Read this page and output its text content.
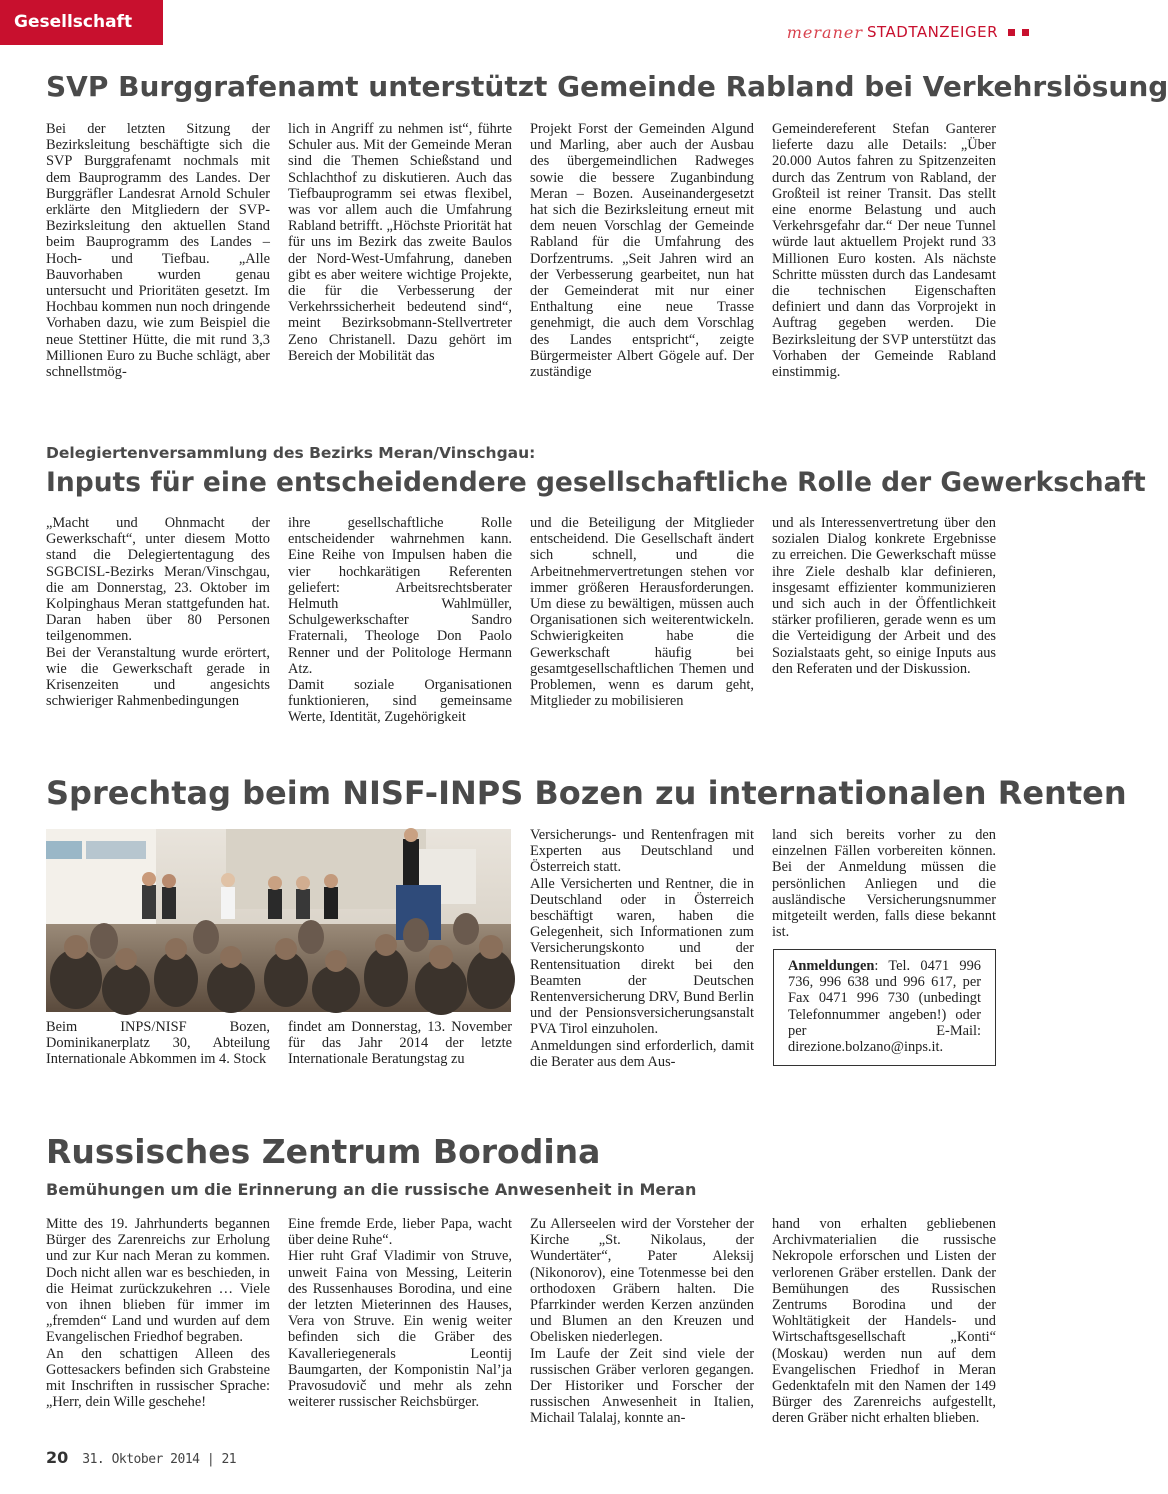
Gesellschaft	meraner STADTANZEIGER
SVP Burggrafenamt unterstützt Gemeinde Rabland bei Verkehrslösung

Bei der letzten Sitzung der Bezirksleitung beschäftigte sich die SVP Burggrafenamt nochmals mit dem Bauprogramm des Landes. Der Burggräfler Landesrat Arnold Schuler erklärte den Mitgliedern der SVP-Bezirksleitung den aktuellen Stand beim Bauprogramm des Landes – Hoch- und Tiefbau. „Alle Bauvorhaben wurden genau untersucht und Prioritäten gesetzt. Im Hochbau kommen nun noch dringende Vorhaben dazu, wie zum Beispiel die neue Stettiner Hütte, die mit rund 3,3 Millionen Euro zu Buche schlägt, aber schnellstmög-

lich in Angriff zu nehmen ist“, führte Schuler aus. Mit der Gemeinde Meran sind die Themen Schießstand und Schlachthof zu diskutieren. Auch das Tiefbauprogramm sei etwas flexibel, was vor allem auch die Umfahrung Rabland betrifft. „Höchste Priorität hat für uns im Bezirk das zweite Baulos der Nord-West-Umfahrung, daneben gibt es aber weitere wichtige Projekte, die für die Verbesserung der Verkehrssicherheit bedeutend sind“, meint Bezirksobmann-Stellvertreter Zeno Christanell. Dazu gehört im Bereich der Mobilität das

Projekt Forst der Gemeinden Algund und Marling, aber auch der Ausbau des übergemeindlichen Radweges sowie die bessere Zuganbindung Meran – Bozen. Auseinandergesetzt hat sich die Bezirksleitung erneut mit dem neuen Vorschlag der Gemeinde Rabland für die Umfahrung des Dorfzentrums. „Seit Jahren wird an der Verbesserung gearbeitet, nun hat der Gemeinderat mit nur einer Enthaltung eine neue Trasse genehmigt, die auch dem Vorschlag des Landes entspricht“, zeigte Bürgermeister Albert Gögele auf. Der zuständige

Gemeindereferent Stefan Ganterer lieferte dazu alle Details: „Über 20.000 Autos fahren zu Spitzenzeiten durch das Zentrum von Rabland, der Großteil ist reiner Transit. Das stellt eine enorme Belastung und auch Verkehrsgefahr dar.“ Der neue Tunnel würde laut aktuellem Projekt rund 33 Millionen Euro kosten. Als nächste Schritte müssten durch das Landesamt die technischen Eigenschaften definiert und dann das Vorprojekt in Auftrag gegeben werden. Die Bezirksleitung der SVP unterstützt das Vorhaben der Gemeinde Rabland einstimmig.

Delegiertenversammlung des Bezirks Meran/Vinschgau:
Inputs für eine entscheidendere gesellschaftliche Rolle der Gewerkschaft

„Macht und Ohnmacht der Gewerkschaft“, unter diesem Motto stand die Delegiertentagung des SGBCISL-Bezirks Meran/Vinschgau, die am Donnerstag, 23. Oktober im Kolpinghaus Meran stattgefunden hat. Daran haben über 80 Personen teilgenommen.

Bei der Veranstaltung wurde erörtert, wie die Gewerkschaft gerade in Krisenzeiten und angesichts schwieriger Rahmenbedingungen

ihre gesellschaftliche Rolle entscheidender wahrnehmen kann. Eine Reihe von Impulsen haben die vier hochkarätigen Referenten geliefert: Arbeitsrechtsberater Helmuth Wahlmüller, Schulgewerkschafter Sandro Fraternali, Theologe Don Paolo Renner und der Politologe Hermann Atz.

Damit soziale Organisationen funktionieren, sind gemeinsame Werte, Identität, Zugehörigkeit

und die Beteiligung der Mitglieder entscheidend. Die Gesellschaft ändert sich schnell, und die Arbeitnehmervertretungen stehen vor immer größeren Herausforderungen. Um diese zu bewältigen, müssen auch Organisationen sich weiterentwickeln. Schwierigkeiten habe die Gewerkschaft häufig bei gesamtgesellschaftlichen Themen und Problemen, wenn es darum geht, Mitglieder zu mobilisieren

und als Interessenvertretung über den sozialen Dialog konkrete Ergebnisse zu erreichen. Die Gewerkschaft müsse ihre Ziele deshalb klar definieren, insgesamt effizienter kommunizieren und sich auch in der Öffentlichkeit stärker profilieren, gerade wenn es um die Verteidigung der Arbeit und des Sozialstaats geht, so einige Inputs aus den Referaten und der Diskussion.

Sprechtag beim NISF-INPS Bozen zu internationalen Renten

Beim INPS/NISF Bozen, Dominikanerplatz 30, Abteilung Internationale Abkommen im 4. Stock

findet am Donnerstag, 13. November für das Jahr 2014 der letzte Internationale Beratungstag zu

Versicherungs- und Rentenfragen mit Experten aus Deutschland und Österreich statt.

Alle Versicherten und Rentner, die in Deutschland oder in Österreich beschäftigt waren, haben die Gelegenheit, sich Informationen zum Versicherungskonto und der Rentensituation direkt bei den Beamten der Deutschen Rentenversicherung DRV, Bund Berlin und der Pensionsversicherungsanstalt PVA Tirol einzuholen.

Anmeldungen sind erforderlich, damit die Berater aus dem Aus-

land sich bereits vorher zu den einzelnen Fällen vorbereiten können. Bei der Anmeldung müssen die persönlichen Anliegen und die ausländische Versicherungsnummer mitgeteilt werden, falls diese bekannt ist.

Anmeldungen: Tel. 0471 996 736, 996 638 und 996 617, per Fax 0471 996 730 (unbedingt Telefonnummer angeben!) oder per E-Mail: direzione.bolzano@inps.it.
Russisches Zentrum Borodina
Bemühungen um die Erinnerung an die russische Anwesenheit in Meran

Mitte des 19. Jahrhunderts begannen Bürger des Zarenreichs zur Erholung und zur Kur nach Meran zu kommen. Doch nicht allen war es beschieden, in die Heimat zurückzukehren … Viele von ihnen blieben für immer im „fremden“ Land und wurden auf dem Evangelischen Friedhof begraben.

An den schattigen Alleen des Gottesackers befinden sich Grabsteine mit Inschriften in russischer Sprache: „Herr, dein Wille geschehe!

Eine fremde Erde, lieber Papa, wacht über deine Ruhe“.

Hier ruht Graf Vladimir von Struve, unweit Faina von Messing, Leiterin des Russenhauses Borodina, und eine der letzten Mieterinnen des Hauses, Vera von Struve. Ein wenig weiter befinden sich die Gräber des Kavalleriegenerals Leontij Baumgarten, der Komponistin Nal’ja Pravosudovič und mehr als zehn weiterer russischer Reichsbürger.

Zu Allerseelen wird der Vorsteher der Kirche „St. Nikolaus, der Wundertäter“, Pater Aleksij (Nikonorov), eine Totenmesse bei den orthodoxen Gräbern halten. Die Pfarrkinder werden Kerzen anzünden und Blumen an den Kreuzen und Obelisken niederlegen.

Im Laufe der Zeit sind viele der russischen Gräber verloren gegangen. Der Historiker und Forscher der russischen Anwesenheit in Italien, Michail Talalaj, konnte an-

hand von erhalten gebliebenen Archivmaterialien die russische Nekropole erforschen und Listen der verlorenen Gräber erstellen. Dank der Bemühungen des Russischen Zentrums Borodina und der Wohltätigkeit der Handels- und Wirtschaftsgesellschaft „Konti“ (Moskau) werden nun auf dem Evangelischen Friedhof in Meran Gedenktafeln mit den Namen der 149 Bürger des Zarenreichs aufgestellt, deren Gräber nicht erhalten blieben.

20 31. Oktober 2014 | 21
